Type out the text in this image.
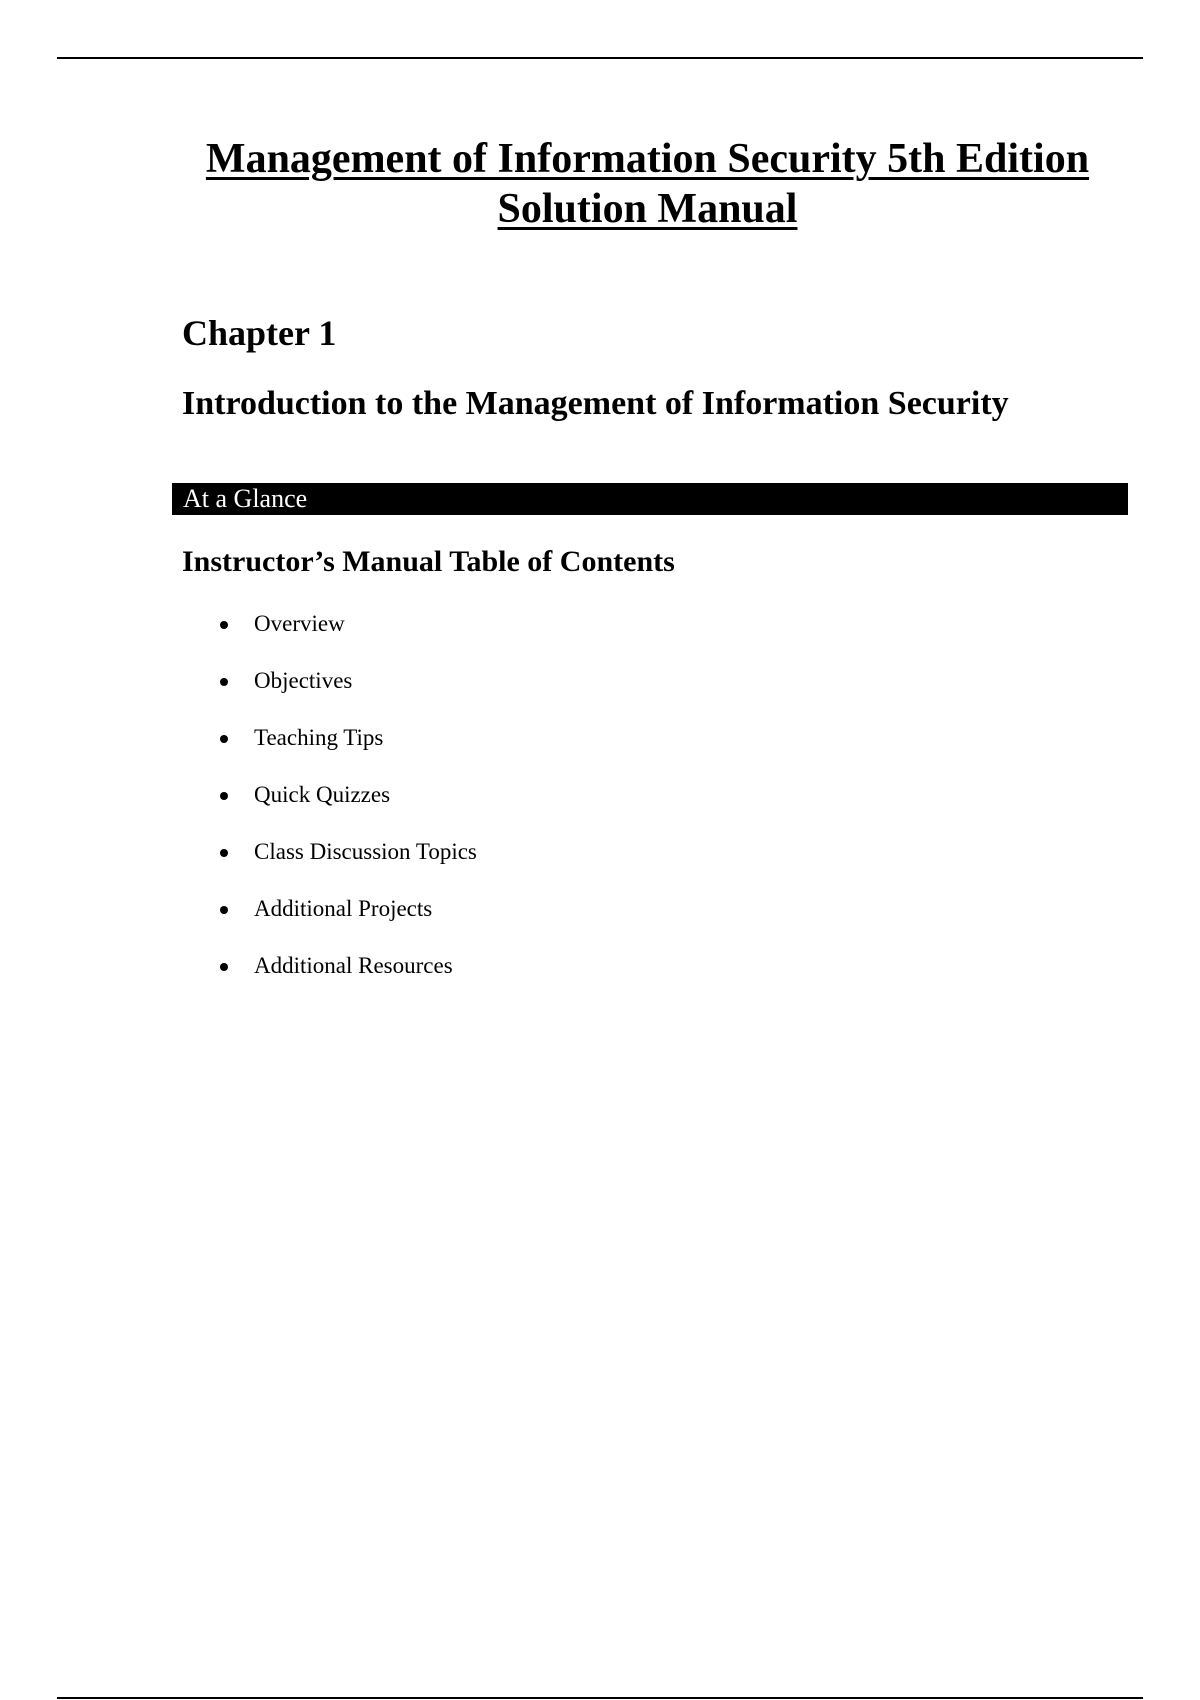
Management of Information Security 5th Edition
Solution Manual
Chapter 1
Introduction to the Management of Information Security
At a Glance
Instructor’s Manual Table of Contents
Overview
Objectives
Teaching Tips
Quick Quizzes
Class Discussion Topics
Additional Projects
Additional Resources
